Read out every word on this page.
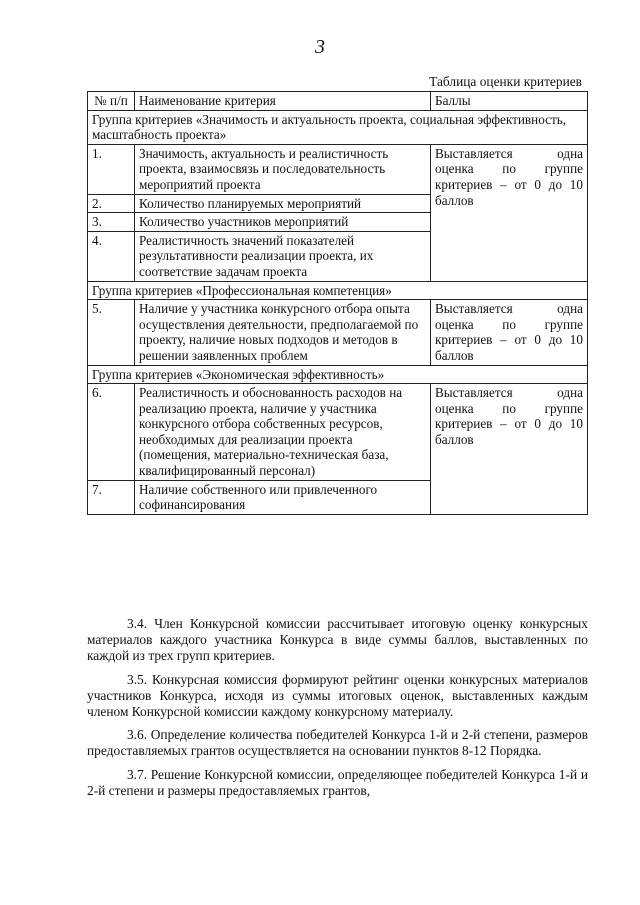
3
Таблица оценки критериев
№ п/п	Наименование критерия	Баллы
Группа критериев «Значимость и актуальность проекта, социальная эффективность, масштабность проекта»		
1.	Значимость, актуальность и реалистичность проекта, взаимосвязь и последовательность мероприятий проекта	Выставляется одна оценка по группе критериев – от 0 до 10 баллов

2.	Количество планируемых мероприятий	
3.	Количество участников мероприятий	
4.	Реалистичность значений показателей результативности реализации проекта, их соответствие задачам проекта	
Группа критериев «Профессиональная компетенция»		
5.	Наличие у участника конкурсного отбора опыта осуществления деятельности, предполагаемой по проекту, наличие новых подходов и методов в решении заявленных проблем	Выставляется одна оценка по группе критериев – от 0 до 10 баллов

Группа критериев «Экономическая эффективность»		
6.	Реалистичность и обоснованность расходов на реализацию проекта, наличие у участника конкурсного отбора собственных ресурсов, необходимых для реализации проекта (помещения, материально-техническая база, квалифицированный персонал)	Выставляется одна оценка по группе критериев – от 0 до 10 баллов

7.	Наличие собственного или привлеченного софинансирования	

3.4. Член Конкурсной комиссии рассчитывает итоговую оценку конкурсных материалов каждого участника Конкурса в виде суммы баллов, выставленных по каждой из трех групп критериев.

3.5. Конкурсная комиссия формируют рейтинг оценки конкурсных материалов участников Конкурса, исходя из суммы итоговых оценок, выставленных каждым членом Конкурсной комиссии каждому конкурсному материалу.

3.6. Определение количества победителей Конкурса 1-й и 2-й степени, размеров предоставляемых грантов осуществляется на основании пунктов 8-12 Порядка.

3.7. Решение Конкурсной комиссии, определяющее победителей Конкурса 1-й и 2-й степени и размеры предоставляемых грантов,
